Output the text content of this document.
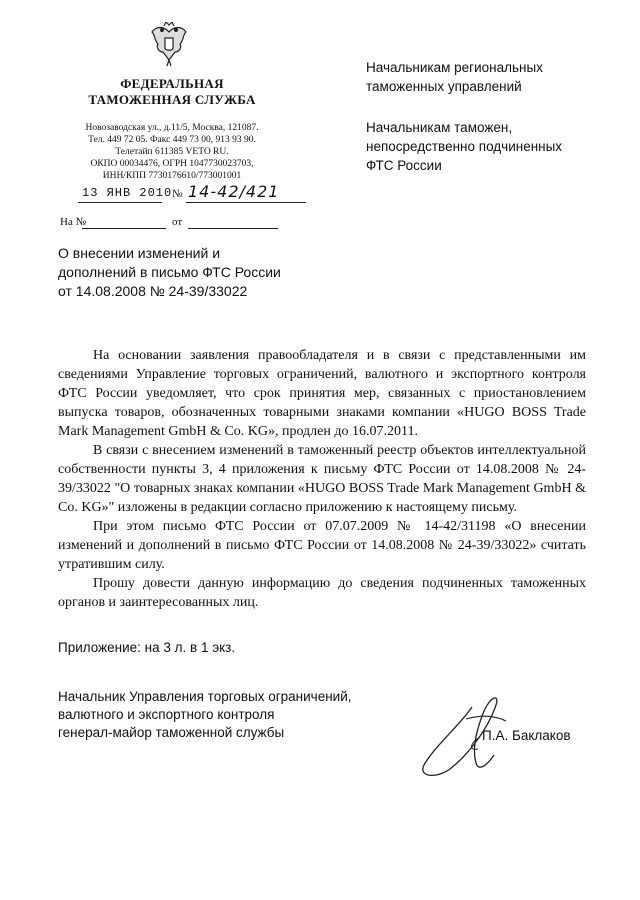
ФЕДЕРАЛЬНАЯ
ТАМОЖЕННАЯ СЛУЖБА
Новозаводская ул., д.11/5, Москва, 121087.
Тел. 449 72 05. Факс 449 73 00, 913 93 90.
Телетайп 611385 VETO RU.
ОКПО 00034476, ОГРН 1047730023703,
ИНН/КПП 7730176610/773001001
13 ЯНВ 2010 № 14-42/421
На №	от
Начальникам региональных
таможенных управлений
Начальникам таможен,
непосредственно подчиненных
ФТС России
О внесении изменений и
дополнений в письмо ФТС России
от 14.08.2008 № 24-39/33022

На основании заявления правообладателя и в связи с представленными им сведениями Управление торговых ограничений, валютного и экспортного контроля ФТС России уведомляет, что срок принятия мер, связанных с приостановлением выпуска товаров, обозначенных товарными знаками компании «HUGO BOSS Trade Mark Management GmbH & Co. KG», продлен до 16.07.2011.

В связи с внесением изменений в таможенный реестр объектов интеллектуальной собственности пункты 3, 4 приложения к письму ФТС России от 14.08.2008 № 24-39/33022 "О товарных знаках компании «HUGO BOSS Trade Mark Management GmbH & Co. KG»" изложены в редакции согласно приложению к настоящему письму.

При этом письмо ФТС России от 07.07.2009 № 14-42/31198 «О внесении изменений и дополнений в письмо ФТС России от 14.08.2008 № 24-39/33022» считать утратившим силу.

Прошу довести данную информацию до сведения подчиненных таможенных органов и заинтересованных лиц.

Приложение: на 3 л. в 1 экз.
Начальник Управления торговых ограничений,
валютного и экспортного контроля
генерал-майор таможенной службы	П.А. Баклаков
